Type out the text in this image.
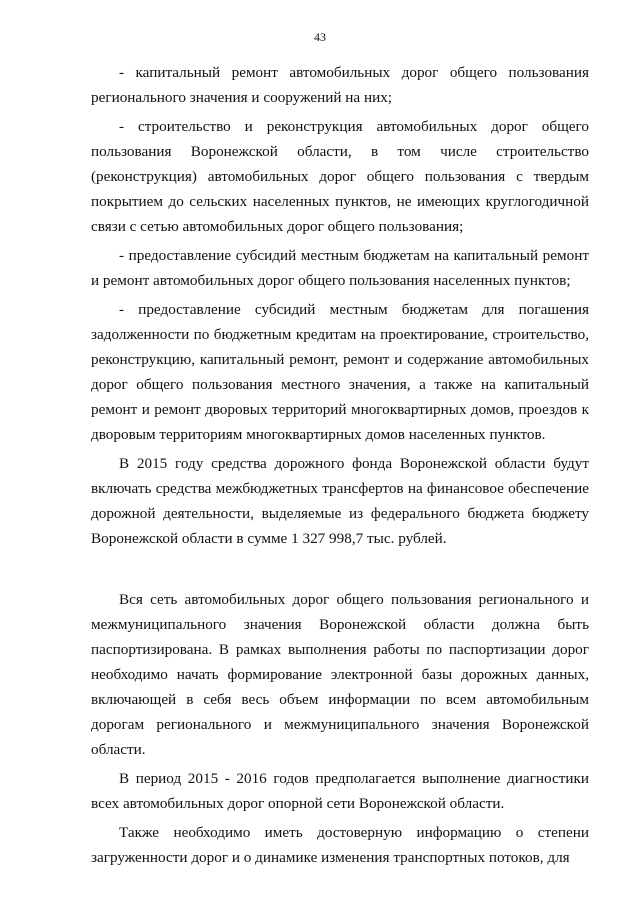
43

- капитальный ремонт автомобильных дорог общего пользования регионального значения и сооружений на них;

- строительство и реконструкция автомобильных дорог общего пользования Воронежской области, в том числе строительство (реконструкция) автомобильных дорог общего пользования с твердым покрытием до сельских населенных пунктов, не имеющих круглогодичной связи с сетью автомобильных дорог общего пользования;

- предоставление субсидий местным бюджетам на капитальный ремонт и ремонт автомобильных дорог общего пользования населенных пунктов;

- предоставление субсидий местным бюджетам для погашения задолженности по бюджетным кредитам на проектирование, строительство, реконструкцию, капитальный ремонт, ремонт и содержание автомобильных дорог общего пользования местного значения, а также на капитальный ремонт и ремонт дворовых территорий многоквартирных домов, проездов к дворовым территориям многоквартирных домов населенных пунктов.

В 2015 году средства дорожного фонда Воронежской области будут включать средства межбюджетных трансфертов на финансовое обеспечение дорожной деятельности, выделяемые из федерального бюджета бюджету Воронежской области в сумме 1 327 998,7 тыс. рублей.

Вся сеть автомобильных дорог общего пользования регионального и межмуниципального значения Воронежской области должна быть паспортизирована. В рамках выполнения работы по паспортизации дорог необходимо начать формирование электронной базы дорожных данных, включающей в себя весь объем информации по всем автомобильным дорогам регионального и межмуниципального значения Воронежской области.

В период 2015 - 2016 годов предполагается выполнение диагностики всех автомобильных дорог опорной сети Воронежской области.

Также необходимо иметь достоверную информацию о степени загруженности дорог и о динамике изменения транспортных потоков, для
